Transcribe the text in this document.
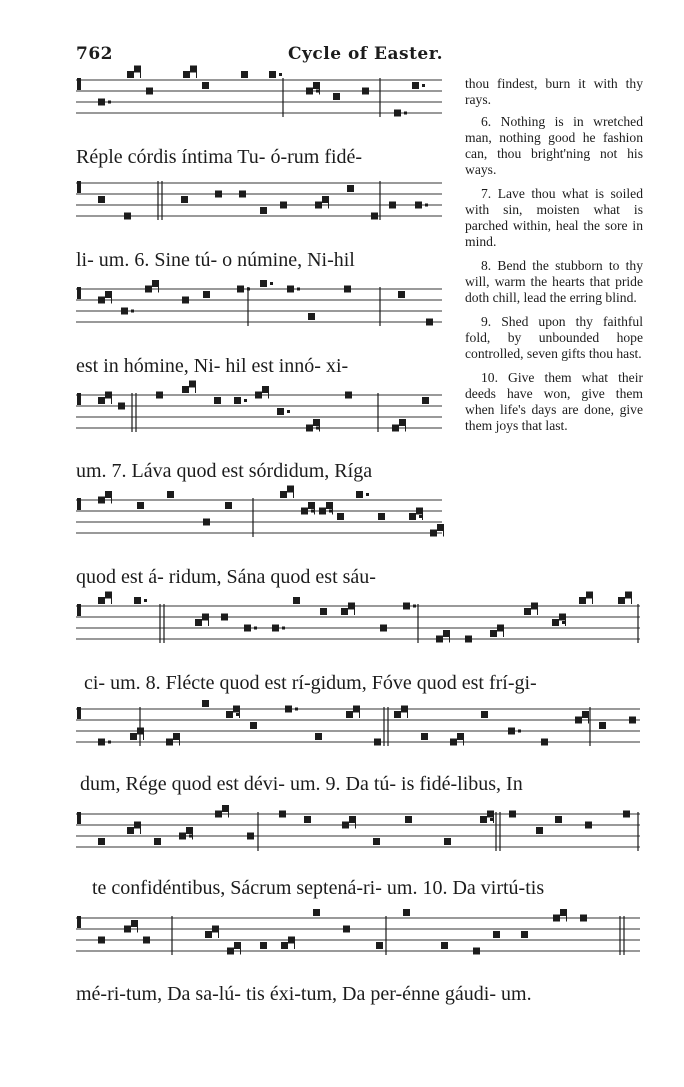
762	Cycle of Easter.
Réple córdis íntima Tu- ó-rum fidé-
li- um. 6. Sine tú- o númine, Ni-hil
est in hómine, Ni- hil est innó- xi-
um. 7. Láva quod est sórdidum, Ríga
quod est á- ridum, Sána quod est sáu-
ci- um. 8. Flécte quod est rí-gidum, Fóve quod est frí-gi-
dum, Rége quod est dévi- um. 9. Da tú- is fidé-libus, In
te confidéntibus, Sácrum septená-ri- um. 10. Da virtú-tis
mé-ri-tum, Da sa-lú- tis éxi-tum, Da per-énne gáudi- um.

thou findest, burn it with thy rays.

6. Nothing is in wretched man, nothing good he fashion can, thou bright'ning not his ways.

7. Lave thou what is soiled with sin, moisten what is parched within, heal the sore in mind.

8. Bend the stubborn to thy will, warm the hearts that pride doth chill, lead the erring blind.

9. Shed upon thy faithful fold, by unbounded hope controlled, seven gifts thou hast.

10. Give them what their deeds have won, give them when life's days are done, give them joys that last.
